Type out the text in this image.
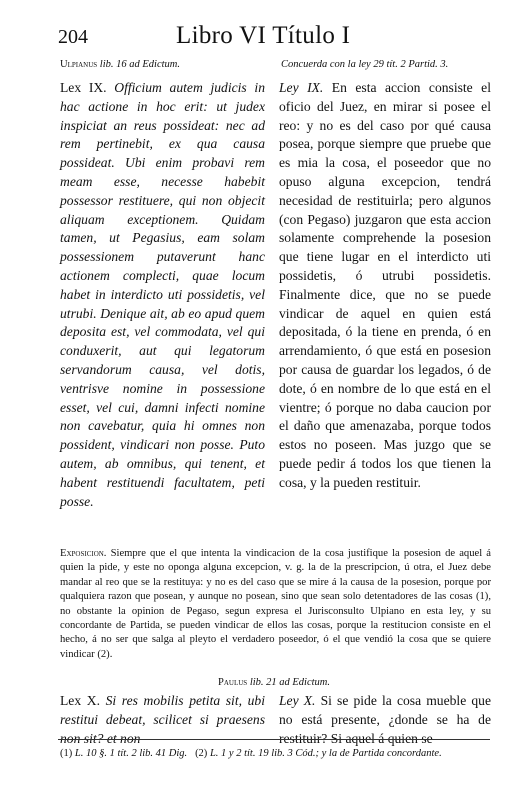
204	Libro VI Título I
Ulpianus lib. 16 ad Edictum.	Concuerda con la ley 29 tít. 2 Partid. 3.
Lex IX. Officium autem judicis in hac actione in hoc erit: ut judex inspiciat an reus possideat: nec ad rem pertinebit, ex qua causa possideat. Ubi enim probavi rem meam esse, necesse habebit possessor restituere, qui non objecit aliquam exceptionem. Quidam tamen, ut Pegasius, eam solam possessionem putaverunt hanc actionem complecti, quae locum habet in interdicto uti possidetis, vel utrubi. Denique ait, ab eo apud quem deposita est, vel commodata, vel qui conduxerit, aut qui legatorum servandorum causa, vel dotis, ventrisve nomine in possessione esset, vel cui, damni infecti nomine non cavebatur, quia hi omnes non possident, vindicari non posse. Puto autem, ab omnibus, qui tenent, et habent restituendi facultatem, peti posse.
Ley IX. En esta accion consiste el oficio del Juez, en mirar si posee el reo: y no es del caso por qué causa posea, porque siempre que pruebe que es mia la cosa, el poseedor que no opuso alguna excepcion, tendrá necesidad de restituirla; pero algunos (con Pegaso) juzgaron que esta accion solamente comprehende la posesion que tiene lugar en el interdicto uti possidetis, ó utrubi possidetis. Finalmente dice, que no se puede vindicar de aquel en quien está depositada, ó la tiene en prenda, ó en arrendamiento, ó que está en posesion por causa de guardar los legados, ó de dote, ó en nombre de lo que está en el vientre; ó porque no daba caucion por el daño que amenazaba, porque todos estos no poseen. Mas juzgo que se puede pedir á todos los que tienen la cosa, y la pueden restituir.
Exposicion. Siempre que el que intenta la vindicacion de la cosa justifique la posesion de aquel á quien la pide, y este no oponga alguna excepcion, v. g. la de la prescripcion, ú otra, el Juez debe mandar al reo que se la restituya: y no es del caso que se mire á la causa de la posesion, porque por qualquiera razon que posean, y aunque no posean, sino que sean solo detentadores de las cosas (1), no obstante la opinion de Pegaso, segun expresa el Jurisconsulto Ulpiano en esta ley, y su concordante de Partida, se pueden vindicar de ellos las cosas, porque la restitucion consiste en el hecho, á no ser que salga al pleyto el verdadero poseedor, ó el que vendió la cosa que se quiere vindicar (2).
Paulus lib. 21 ad Edictum.
Lex X. Si res mobilis petita sit, ubi restitui debeat, scilicet si praesens non sit? et non
Ley X. Si se pide la cosa mueble que no está presente, ¿donde se ha de restituir? Si aquel á quien se
(1) L. 10 §. 1 tít. 2 lib. 41 Dig. (2) L. 1 y 2 tít. 19 lib. 3 Cód.; y la de Partida concordante.
